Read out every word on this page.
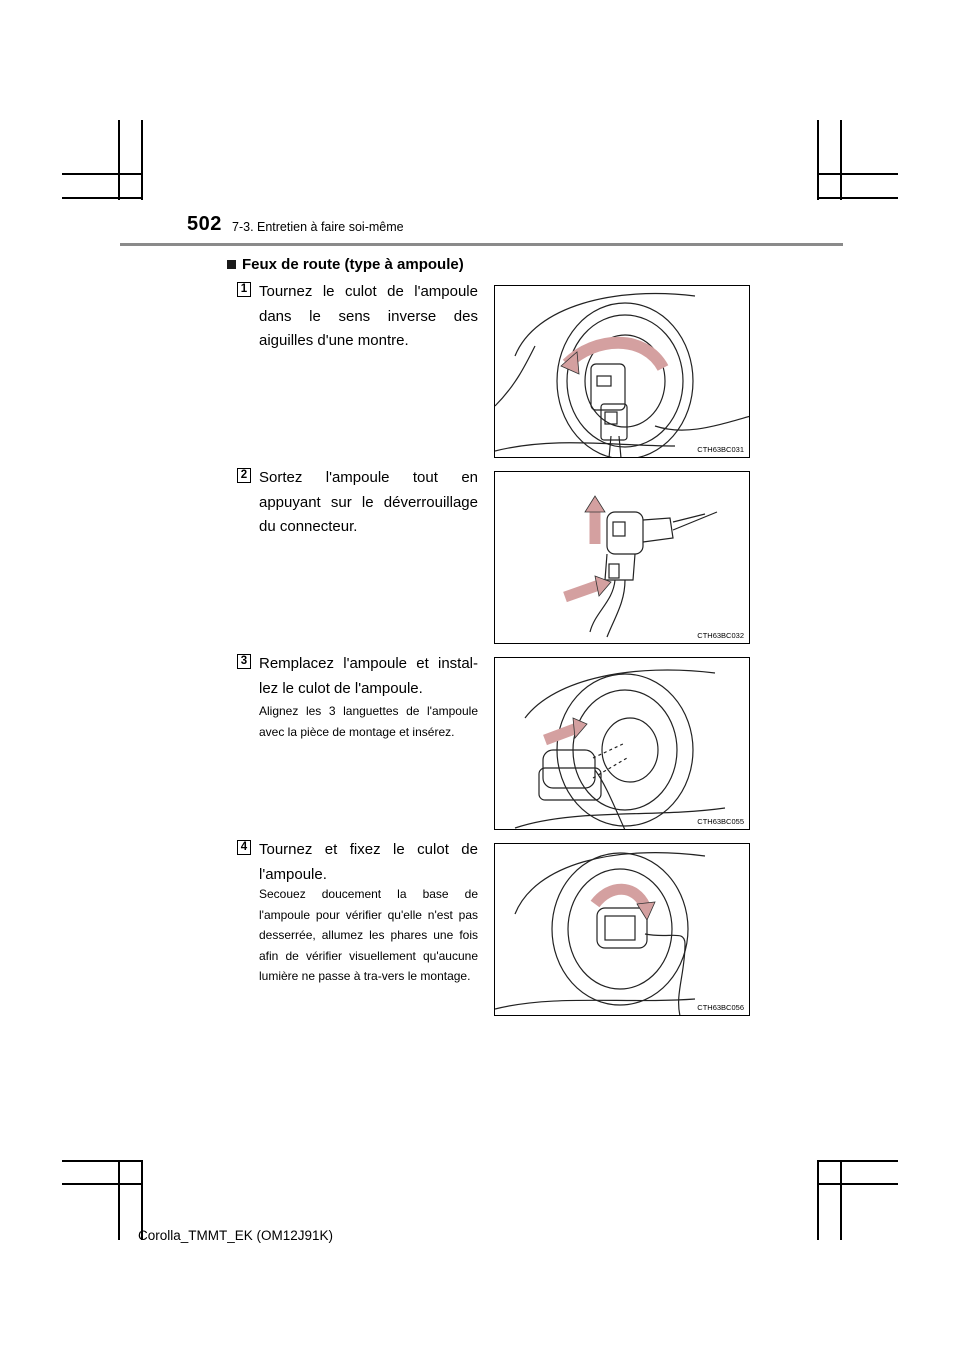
502 7-3. Entretien à faire soi-même
Feux de route (type à ampoule)
1 Tournez le culot de l'ampoule dans le sens inverse des aiguilles d'une montre.
CTH63BC031
2 Sortez l'ampoule tout en appuyant sur le déverrouillage du connecteur.
CTH63BC032
3 Remplacez l'ampoule et instal-lez le culot de l'ampoule.
Alignez les 3 languettes de l'ampoule avec la pièce de montage et insérez.
CTH63BC055
4 Tournez et fixez le culot de l'ampoule.
Secouez doucement la base de l'ampoule pour vérifier qu'elle n'est pas desserrée, allumez les phares une fois afin de vérifier visuellement qu'aucune lumière ne passe à tra-vers le montage.
CTH63BC056
Corolla_TMMT_EK (OM12J91K)
